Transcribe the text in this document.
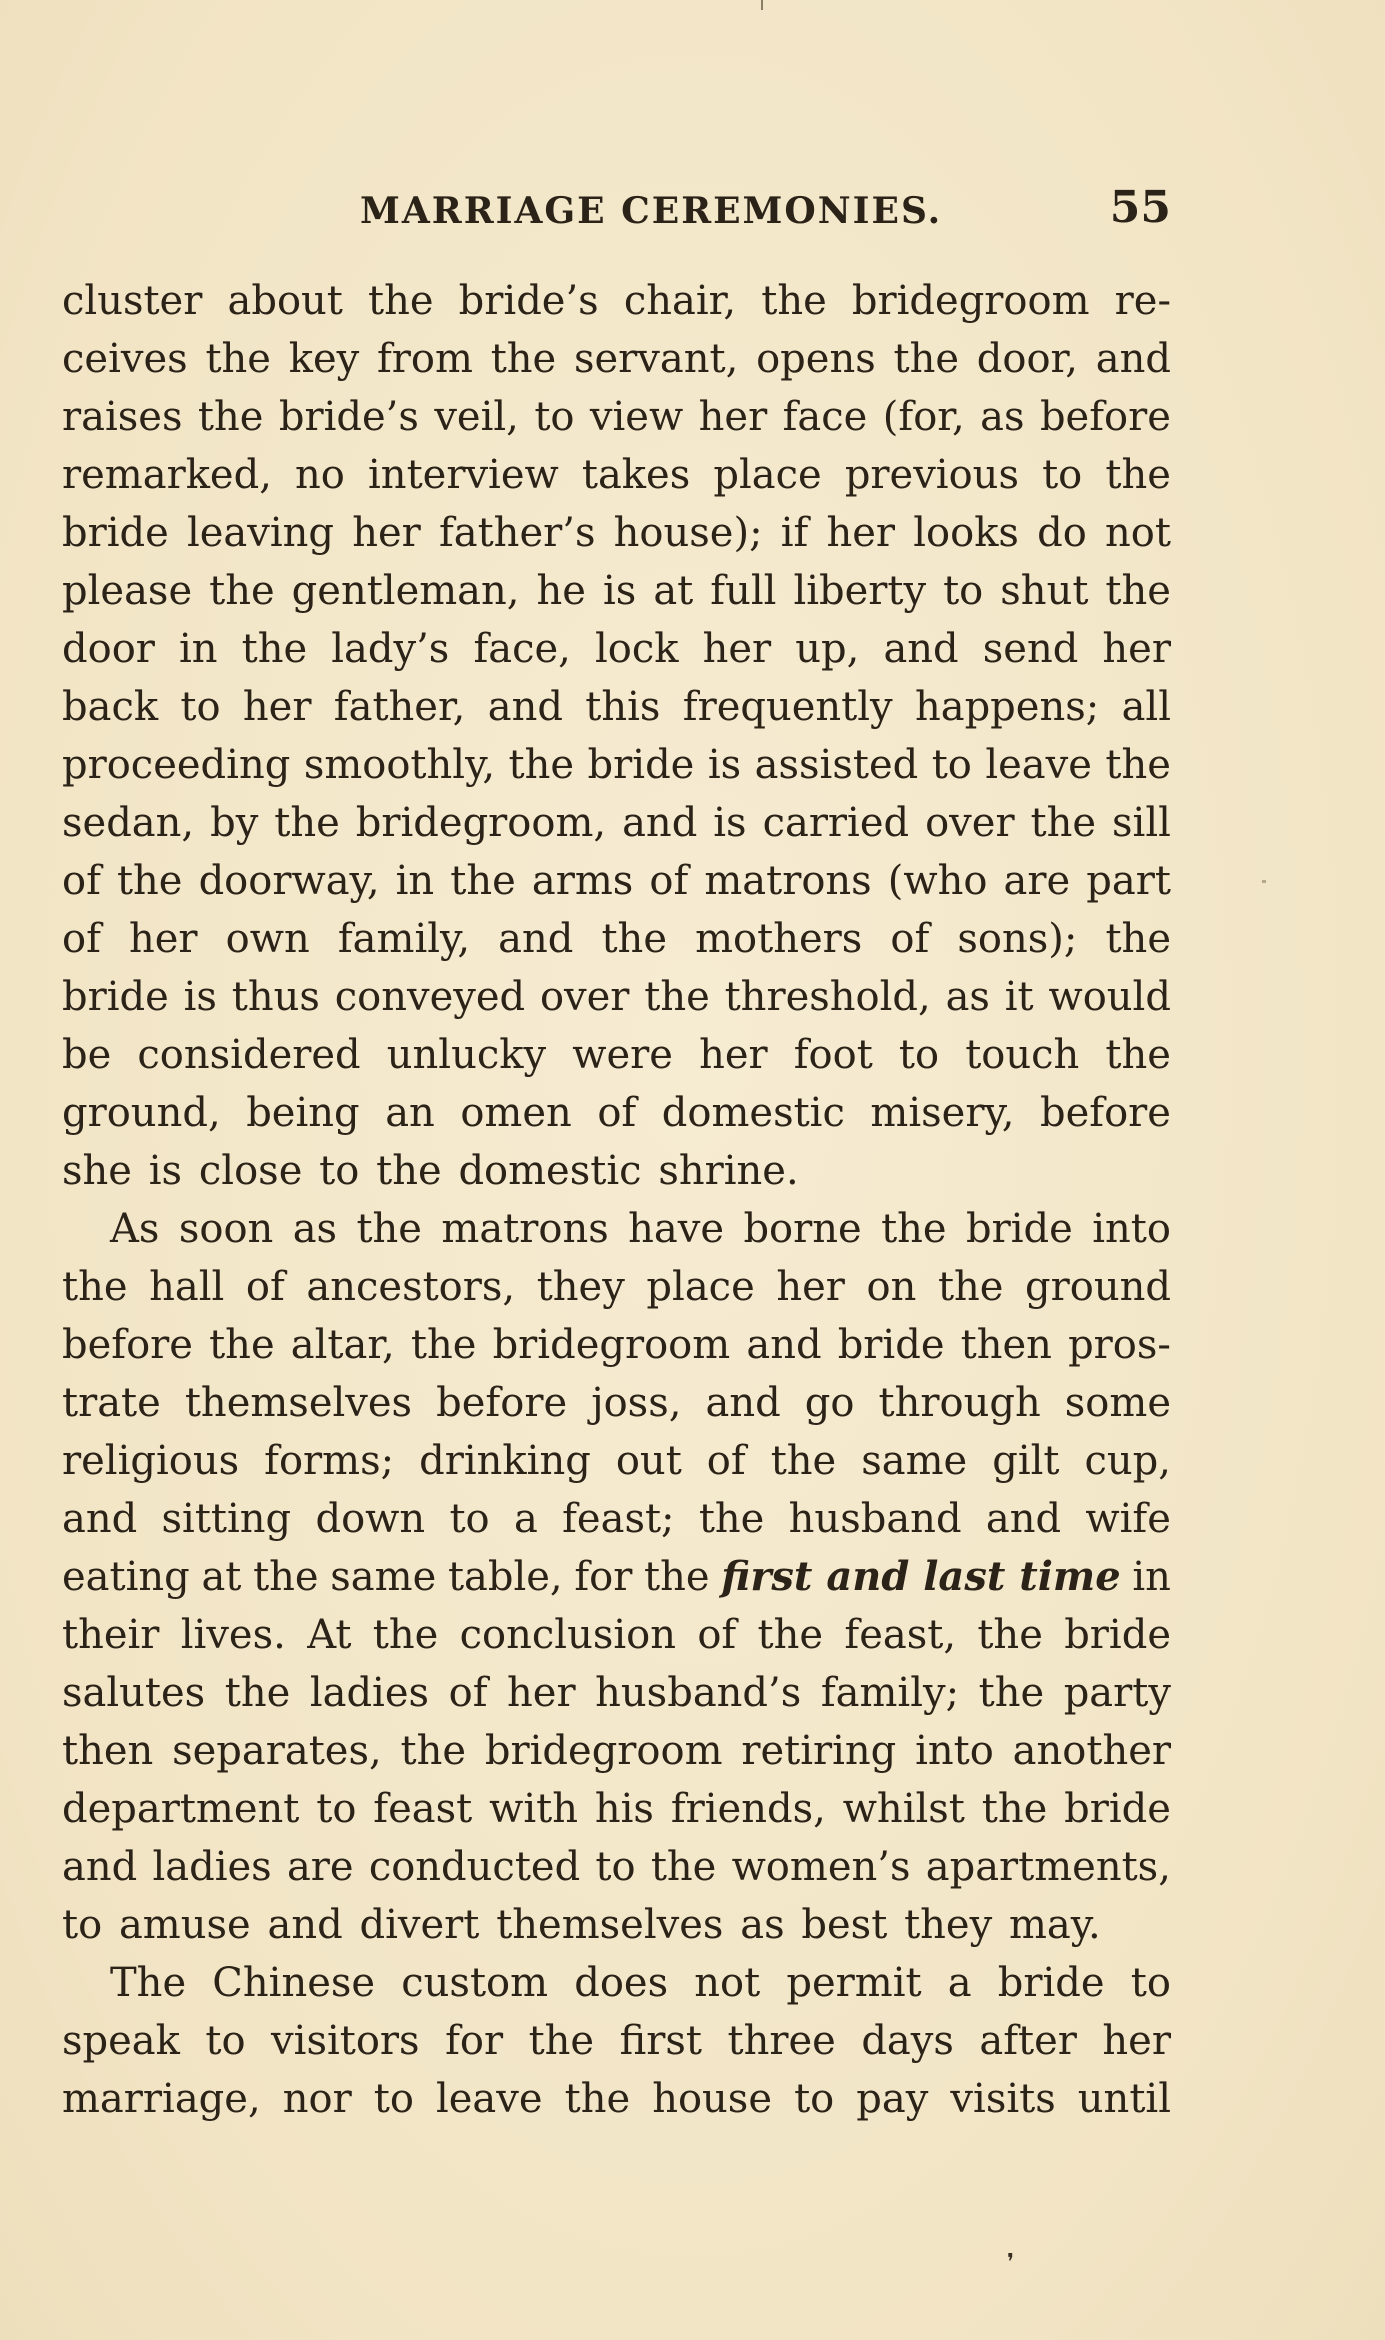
MARRIAGE CEREMONIES.	55
cluster about the bride’s chair, the bridegroom re-
ceives the key from the servant, opens the door, and
raises the bride’s veil, to view her face (for, as before
remarked, no interview takes place previous to the
bride leaving her father’s house); if her looks do not
please the gentleman, he is at full liberty to shut the
door in the lady’s face, lock her up, and send her
back to her father, and this frequently happens; all
proceeding smoothly, the bride is assisted to leave the
sedan, by the bridegroom, and is carried over the sill
of the doorway, in the arms of matrons (who are part
of her own family, and the mothers of sons); the
bride is thus conveyed over the threshold, as it would
be considered unlucky were her foot to touch the
ground, being an omen of domestic misery, before
she is close to the domestic shrine.
As soon as the matrons have borne the bride into
the hall of ancestors, they place her on the ground
before the altar, the bridegroom and bride then pros-
trate themselves before joss, and go through some
religious forms; drinking out of the same gilt cup,
and sitting down to a feast; the husband and wife
eating at the same table, for the first and last time in
their lives. At the conclusion of the feast, the bride
salutes the ladies of her husband’s family; the party
then separates, the bridegroom retiring into another
department to feast with his friends, whilst the bride
and ladies are conducted to the women’s apartments,
to amuse and divert themselves as best they may.
The Chinese custom does not permit a bride to
speak to visitors for the first three days after her
marriage, nor to leave the house to pay visits until
❜
